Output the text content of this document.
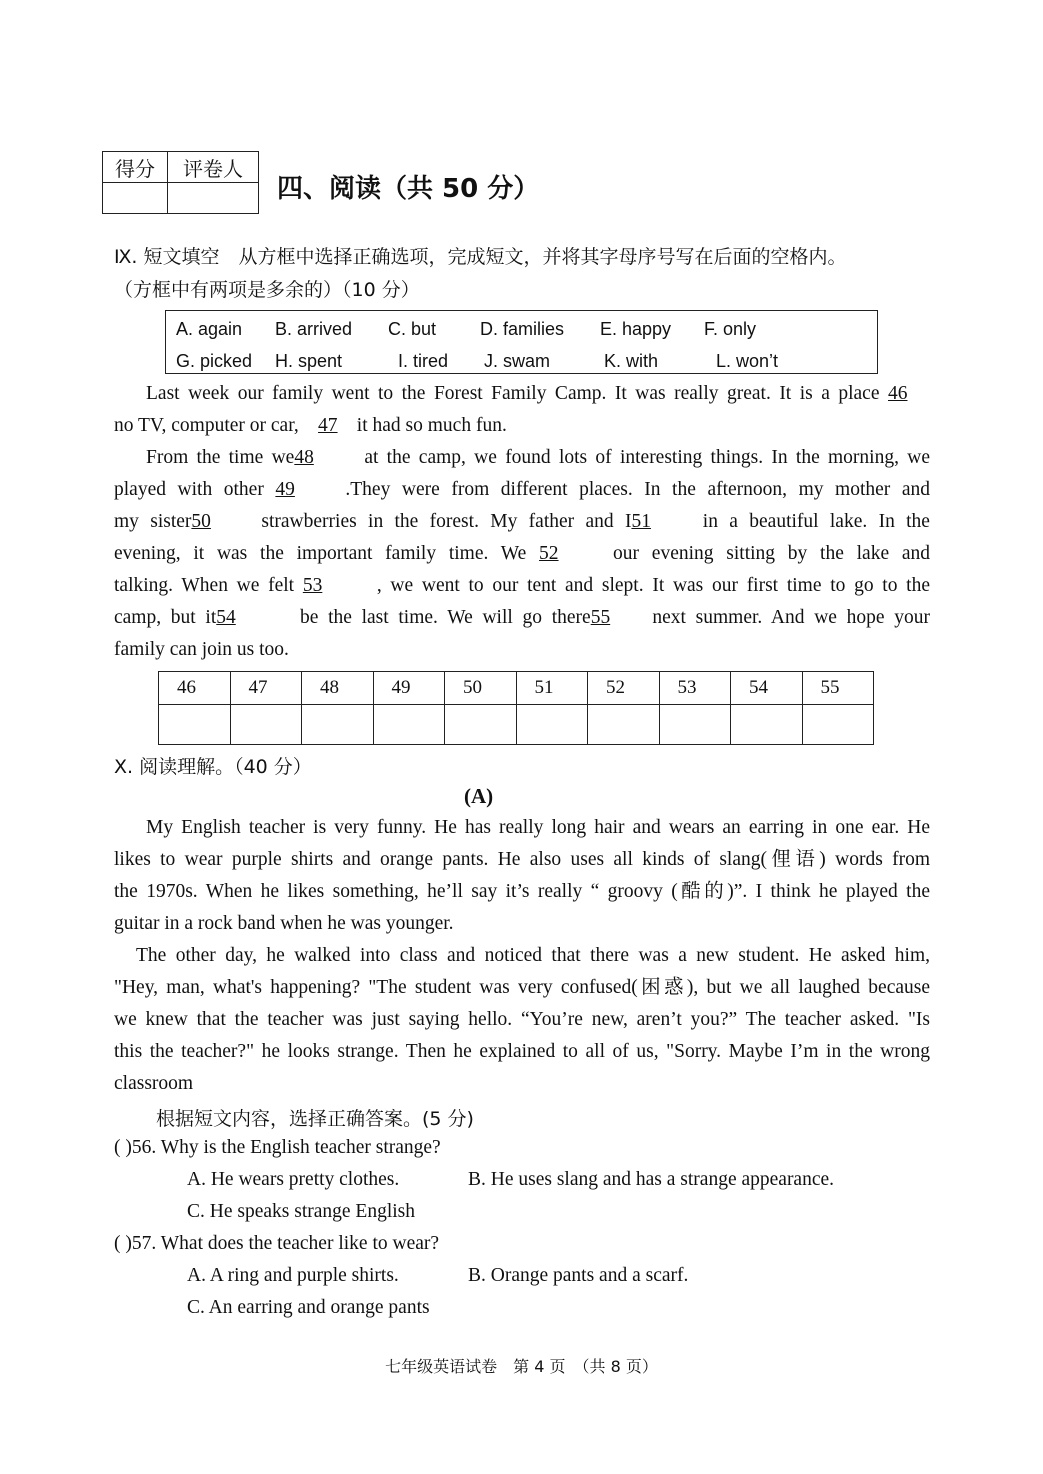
得分	评卷人

四、阅读（共 50 分）
Ⅸ. 短文填空　从方框中选择正确选项，完成短文，并将其字母序号写在后面的空格内。
（方框中有两项是多余的）（10 分）
A. again B. arrived C. but D. families E. happy F. only
G. picked H. spent	I. tired J. swam	K. with	L. won’t
Last week our family went to the Forest Family Camp. It was really great. It is a place 46
no TV, computer or car, 47 it had so much fun.
From the time we48	at the camp, we found lots of interesting things. In the morning, we
played with other 49	.They were from different places. In the afternoon, my mother and
my sister50	strawberries in the forest. My father and I51	in a beautiful lake. In the
evening, it was the important family time. We 52	our evening sitting by the lake and
talking. When we felt 53	, we went to our tent and slept. It was our first time to go to the
camp, but it54	be the last time. We will go there55 next summer. And we hope your
family can join us too.
46	47	48	49	50	51	52	53	54	55

Ⅹ. 阅读理解。（40 分）
(A)
My English teacher is very funny. He has really long hair and wears an earring in one ear. He
likes to wear purple shirts and orange pants. He also uses all kinds of slang(俚语) words from
the 1970s. When he likes something, he’ll say it’s really “ groovy (酷的)”. I think he played the
guitar in a rock band when he was younger.
The other day, he walked into class and noticed that there was a new student. He asked him,
"Hey, man, what's happening? "The student was very confused(困惑), but we all laughed because
we knew that the teacher was just saying hello. “You’re new, aren’t you?” The teacher asked. "Is
this the teacher?" he looks strange. Then he explained to all of us, "Sorry. Maybe I’m in the wrong
classroom
根据短文内容，选择正确答案。(5 分)
( )56. Why is the English teacher strange?
A. He wears pretty clothes.	B. He uses slang and has a strange appearance.
C. He speaks strange English
( )57. What does the teacher like to wear?
A. A ring and purple shirts.	B. Orange pants and a scarf.
C. An earring and orange pants
七年级英语试卷　第 4 页　（共 8 页）
